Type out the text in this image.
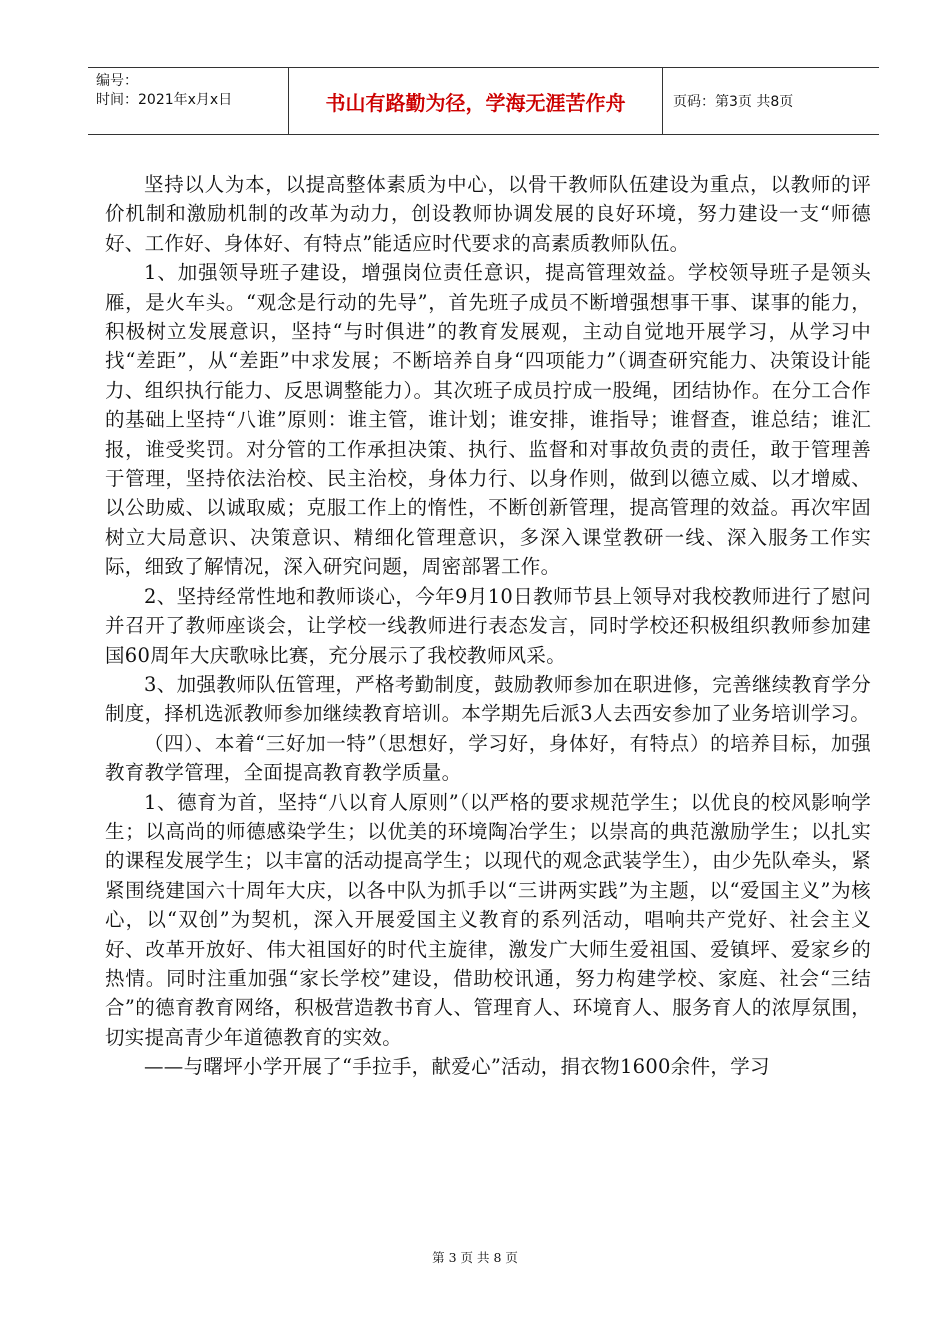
编号：
时间：2021年x月x日	书山有路勤为径，学海无涯苦作舟	页码：第3页 共8页

坚持以人为本，以提高整体素质为中心，以骨干教师队伍建设为重点，以教师的评价机制和激励机制的改革为动力，创设教师协调发展的良好环境，努力建设一支“师德好、工作好、身体好、有特点”能适应时代要求的高素质教师队伍。

1、加强领导班子建设，增强岗位责任意识，提高管理效益。学校领导班子是领头雁，是火车头。“观念是行动的先导”，首先班子成员不断增强想事干事、谋事的能力，积极树立发展意识，坚持“与时俱进”的教育发展观，主动自觉地开展学习，从学习中找“差距”，从“差距”中求发展；不断培养自身“四项能力”（调查研究能力、决策设计能力、组织执行能力、反思调整能力）。其次班子成员拧成一股绳，团结协作。在分工合作的基础上坚持“八谁”原则：谁主管，谁计划；谁安排，谁指导；谁督查，谁总结；谁汇报，谁受奖罚。对分管的工作承担决策、执行、监督和对事故负责的责任，敢于管理善于管理，坚持依法治校、民主治校，身体力行、以身作则，做到以德立威、以才增威、以公助威、以诚取威；克服工作上的惰性，不断创新管理，提高管理的效益。再次牢固树立大局意识、决策意识、精细化管理意识，多深入课堂教研一线、深入服务工作实际，细致了解情况，深入研究问题，周密部署工作。

2、坚持经常性地和教师谈心，今年9月10日教师节县上领导对我校教师进行了慰问并召开了教师座谈会，让学校一线教师进行表态发言，同时学校还积极组织教师参加建国60周年大庆歌咏比赛，充分展示了我校教师风采。

3、加强教师队伍管理，严格考勤制度，鼓励教师参加在职进修，完善继续教育学分制度，择机选派教师参加继续教育培训。本学期先后派3人去西安参加了业务培训学习。

（四）、本着“三好加一特”（思想好，学习好，身体好，有特点）的培养目标，加强教育教学管理，全面提高教育教学质量。

1、德育为首，坚持“八以育人原则”（以严格的要求规范学生；以优良的校风影响学生；以高尚的师德感染学生；以优美的环境陶冶学生；以崇高的典范激励学生；以扎实的课程发展学生；以丰富的活动提高学生；以现代的观念武装学生），由少先队牵头，紧紧围绕建国六十周年大庆，以各中队为抓手以“三讲两实践”为主题，以“爱国主义”为核心，以“双创”为契机，深入开展爱国主义教育的系列活动，唱响共产党好、社会主义好、改革开放好、伟大祖国好的时代主旋律，激发广大师生爱祖国、爱镇坪、爱家乡的热情。同时注重加强“家长学校”建设，借助校讯通，努力构建学校、家庭、社会“三结合”的德育教育网络，积极营造教书育人、管理育人、环境育人、服务育人的浓厚氛围，切实提高青少年道德教育的实效。

——与曙坪小学开展了“手拉手，献爱心”活动，捐衣物1600余件，学习

第 3 页 共 8 页
